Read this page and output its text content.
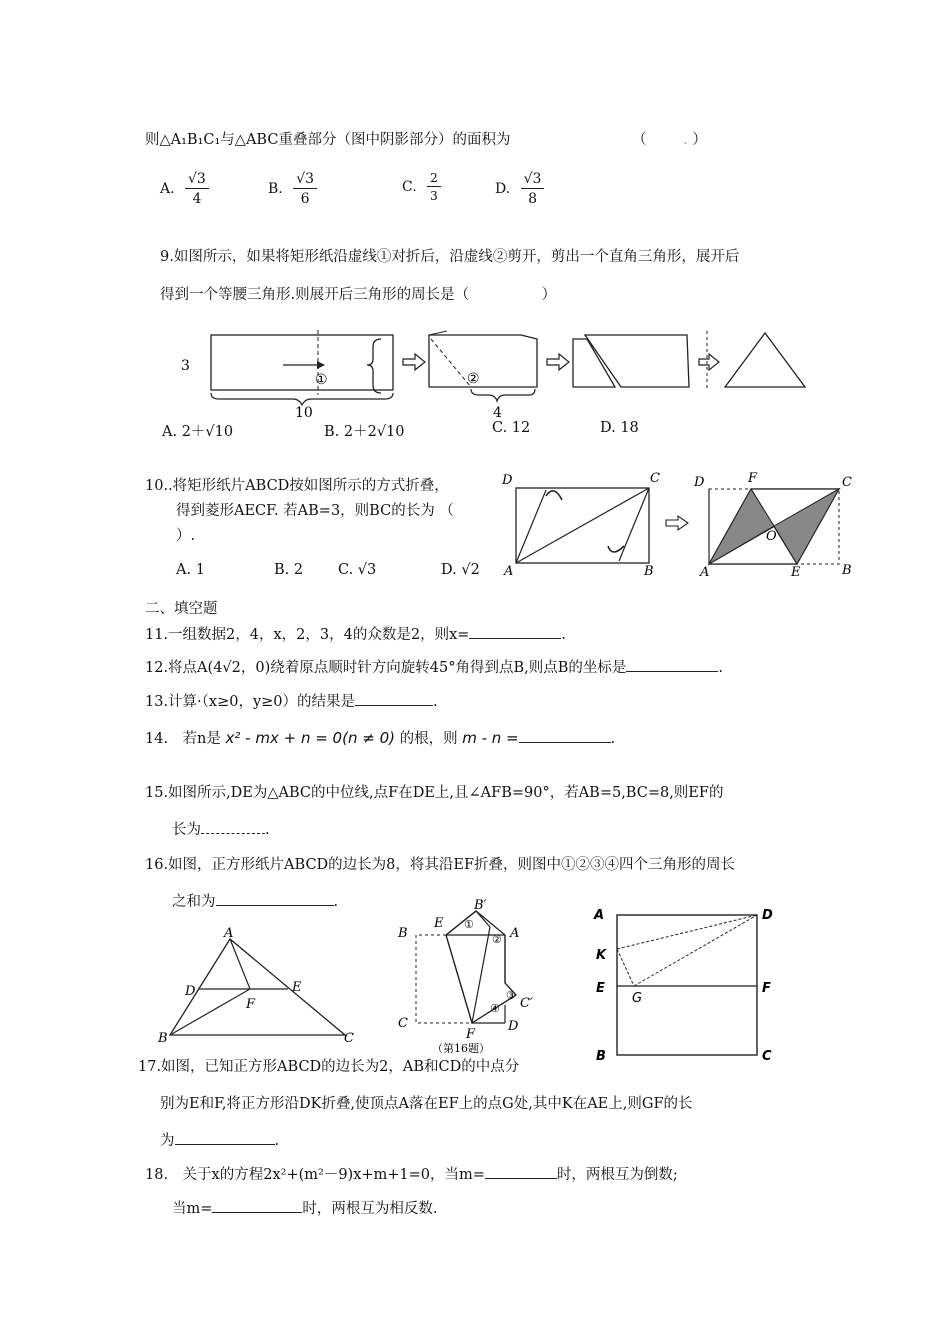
则△A₁B₁C₁与△ABC重叠部分（图中阴影部分）的面积为	（	. ）
A. $\frac{√3}{4}$	B. $\frac{√3}{6}$	C. $\frac{2}{3}$	D. $\frac{√3}{8}$
9.如图所示，如果将矩形纸沿虚线①对折后，沿虚线②剪开，剪出一个直角三角形，展开后
得到一个等腰三角形.则展开后三角形的周长是（　　　　　）
3
①
10
②
4
A. 2＋√10	B. 2＋2√10	C. 12	D. 18
10..将矩形纸片ABCD按如图所示的方式折叠，
得到菱形AECF. 若AB=3，则BC的长为 （
）.
A. 1	B. 2 C. √3	D. √2
D	C
A	B
D	F	C
O
A	E	B
二、填空题
11.一组数据2，4，x，2，3，4的众数是2，则x=	.
12.将点A(4√2，0)绕着原点顺时针方向旋转45°角得到点B,则点B的坐标是	.
13.计算·（x≥0，y≥0）的结果是	.
14.　若n是 x² - mx + n = 0(n ≠ 0) 的根，则 m - n =	.
15.如图所示,DE为△ABC的中位线,点F在DE上,且∠AFB=90°，若AB=5,BC=8,则EF的
长为	.
16.如图，正方形纸片ABCD的边长为8，将其沿EF折叠，则图中①②③④四个三角形的周长
之和为	.
A
D	E
F
B	C
B′
E
B	A
C′
C
F
D
①
②
③
④
（第16题）
A	D
K
E
G
F
B	C
17.如图，已知正方形ABCD的边长为2，AB和CD的中点分
别为E和F,将正方形沿DK折叠,使顶点A落在EF上的点G处,其中K在AE上,则GF的长
为	.
18.　关于x的方程2x²+(m²－9)x+m+1=0，当m=	时，两根互为倒数;
当m=	时，两根互为相反数.
